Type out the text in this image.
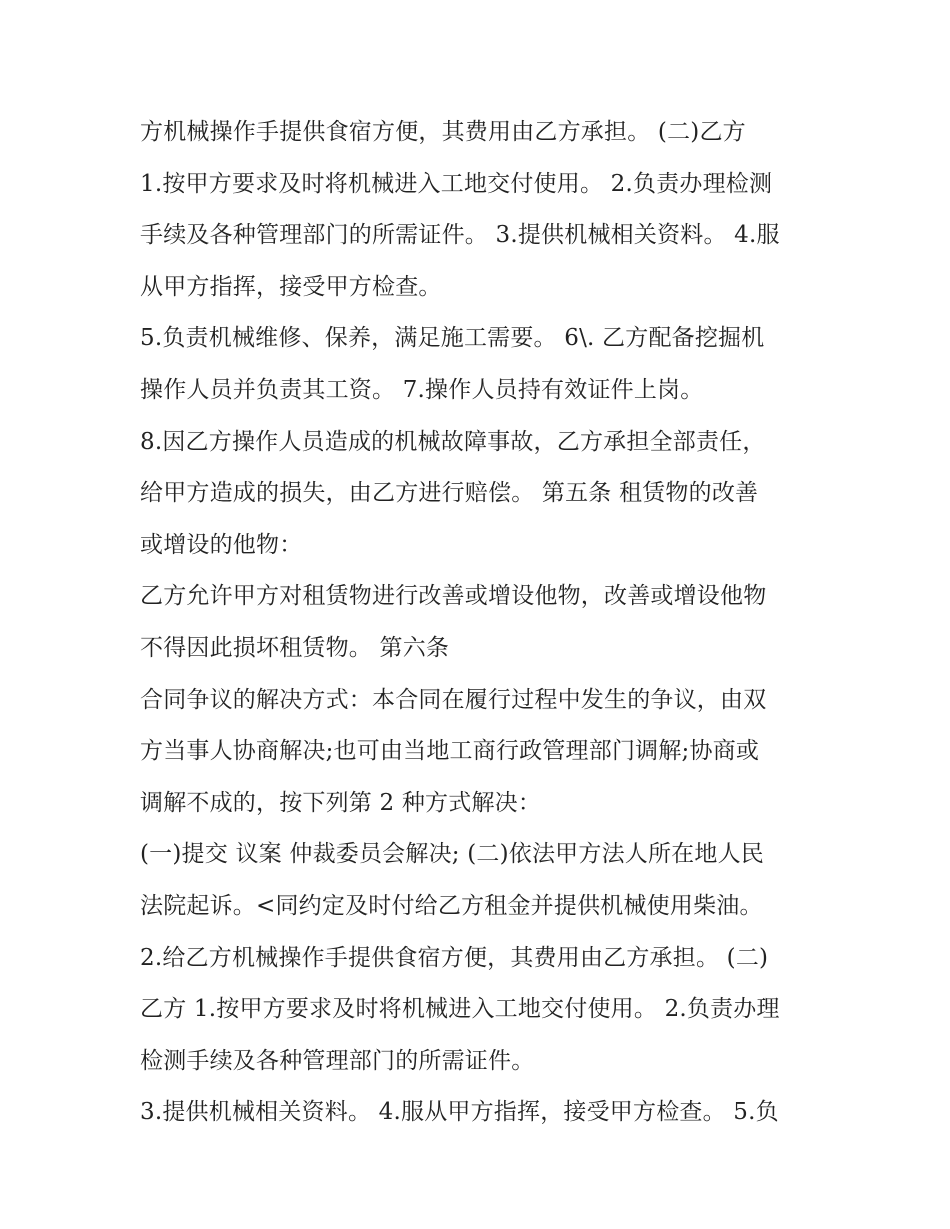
方机械操作手提供食宿方便，其费用由乙方承担。 (二)乙方
1.按甲方要求及时将机械进入工地交付使用。 2.负责办理检测
手续及各种管理部门的所需证件。 3.提供机械相关资料。 4.服
从甲方指挥，接受甲方检查。
5.负责机械维修、保养，满足施工需要。 6\. 乙方配备挖掘机
操作人员并负责其工资。 7.操作人员持有效证件上岗。
8.因乙方操作人员造成的机械故障事故，乙方承担全部责任，
给甲方造成的损失，由乙方进行赔偿。 第五条 租赁物的改善
或增设的他物：
乙方允许甲方对租赁物进行改善或增设他物，改善或增设他物
不得因此损坏租赁物。 第六条
合同争议的解决方式：本合同在履行过程中发生的争议，由双
方当事人协商解决;也可由当地工商行政管理部门调解;协商或
调解不成的，按下列第 2 种方式解决：
(一)提交 议案 仲裁委员会解决; (二)依法甲方法人所在地人民
法院起诉。<同约定及时付给乙方租金并提供机械使用柴油。
2.给乙方机械操作手提供食宿方便，其费用由乙方承担。 (二)
乙方 1.按甲方要求及时将机械进入工地交付使用。 2.负责办理
检测手续及各种管理部门的所需证件。
3.提供机械相关资料。 4.服从甲方指挥，接受甲方检查。 5.负
